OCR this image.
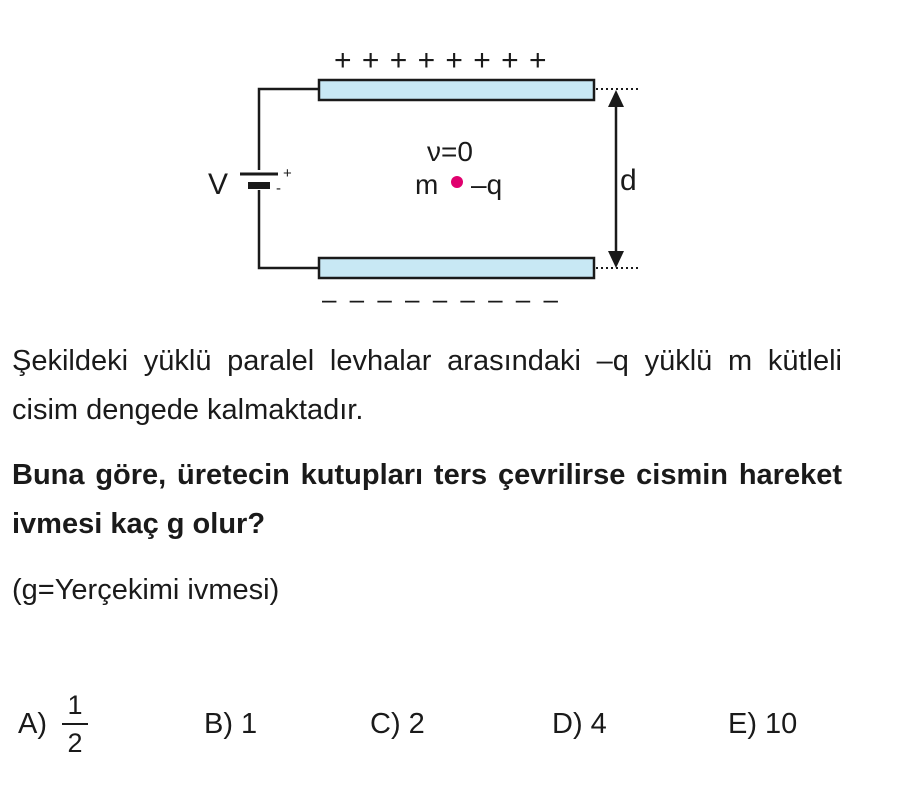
+ + + + + + + +
– – – – – – – – –
+
-
V
ν=0
m –q	d

Şekildeki yüklü paralel levhalar arasındaki –q yüklü m kütleli cisim dengede kalmaktadır.

Buna göre, üretecin kutupları ters çevrilirse cismin hareket ivmesi kaç g olur?

(g=Yerçekimi ivmesi)

A)
1
2
B) 1	C) 2	D) 4	E) 10
